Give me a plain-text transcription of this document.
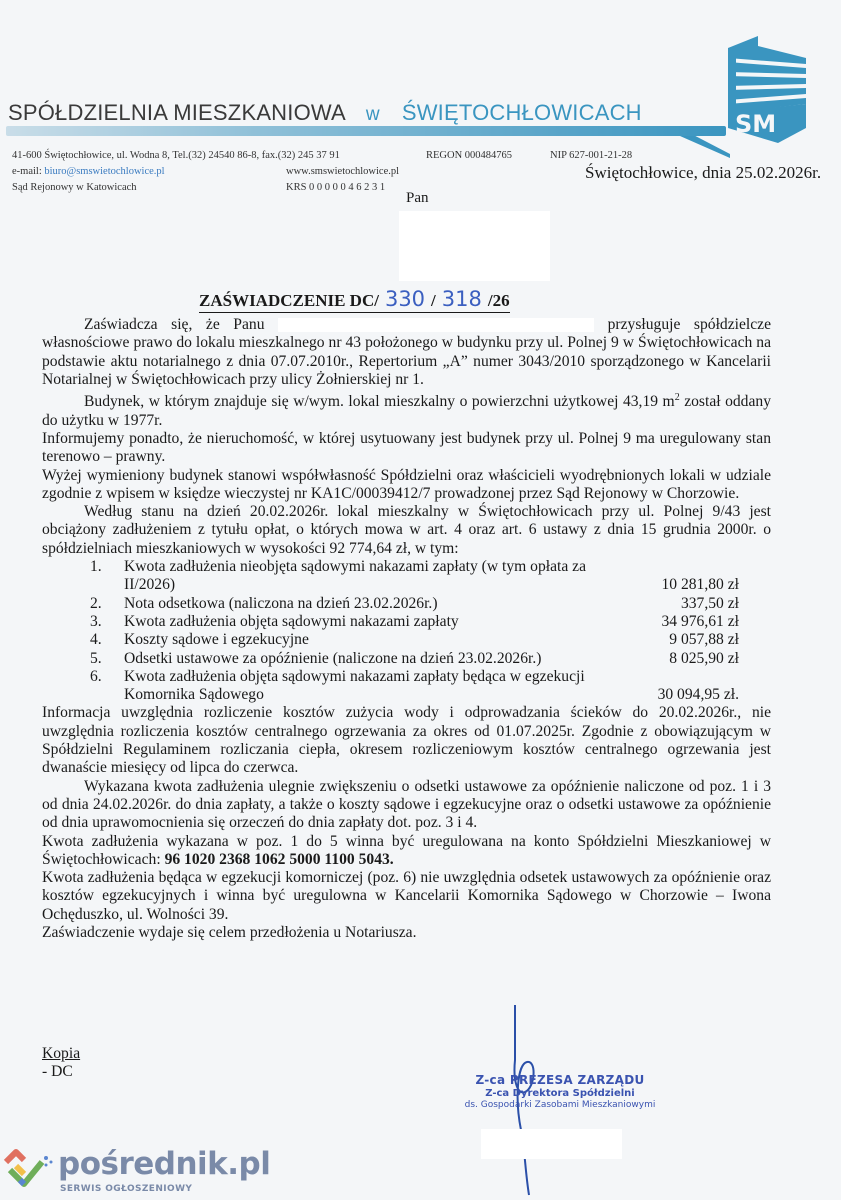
SM
SPÓŁDZIELNIA MIESZKANIOWA w ŚWIĘTOCHŁOWICACH
41-600 Świętochłowice, ul. Wodna 8, Tel.(32) 24540 86-8, fax.(32) 245 37 91
e-mail: biuro@smswietochlowice.pl
Sąd Rejonowy w Katowicach
www.smswietochlowice.pl
KRS 0 0 0 0 0 4 6 2 3 1
REGON 000484765	NIP 627-001-21-28
Świętochłowice, dnia 25.02.2026r.
Pan
ZAŚWIADCZENIE DC/ 330 / 318 /26

Zaświadcza się, że Panu	przysługuje spółdzielcze własnościowe prawo do lokalu mieszkalnego nr 43 położonego w budynku przy ul. Polnej 9 w Świętochłowicach na podstawie aktu notarialnego z dnia 07.07.2010r., Repertorium „A” numer 3043/2010 sporządzonego w Kancelarii Notarialnej w Świętochłowicach przy ulicy Żołnierskiej nr 1.

Budynek, w którym znajduje się w/wym. lokal mieszkalny o powierzchni użytkowej 43,19 $m^2$ został oddany do użytku w 1977r.

Informujemy ponadto, że nieruchomość, w której usytuowany jest budynek przy ul. Polnej 9 ma uregulowany stan terenowo – prawny.

Wyżej wymieniony budynek stanowi współwłasność Spółdzielni oraz właścicieli wyodrębnionych lokali w udziale zgodnie z wpisem w księdze wieczystej nr KA1C/00039412/7 prowadzonej przez Sąd Rejonowy w Chorzowie.

Według stanu na dzień 20.02.2026r. lokal mieszkalny w Świętochłowicach przy ul. Polnej 9/43 jest obciążony zadłużeniem z tytułu opłat, o których mowa w art. 4 oraz art. 6 ustawy z dnia 15 grudnia 2000r. o spółdzielniach mieszkaniowych w wysokości 92 774,64 zł, w tym:

1. Kwota zadłużenia nieobjęta sądowymi nakazami zapłaty (w tym opłata za II/2026)	10 281,80 zł
2. Nota odsetkowa (naliczona na dzień 23.02.2026r.)	337,50 zł
3. Kwota zadłużenia objęta sądowymi nakazami zapłaty	34 976,61 zł
4. Koszty sądowe i egzekucyjne	9 057,88 zł
5. Odsetki ustawowe za opóźnienie (naliczone na dzień 23.02.2026r.)	8 025,90 zł
6. Kwota zadłużenia objęta sądowymi nakazami zapłaty będąca w egzekucji Komornika Sądowego	30 094,95 zł.

Informacja uwzględnia rozliczenie kosztów zużycia wody i odprowadzania ścieków do 20.02.2026r., nie uwzględnia rozliczenia kosztów centralnego ogrzewania za okres od 01.07.2025r. Zgodnie z obowiązującym w Spółdzielni Regulaminem rozliczania ciepła, okresem rozliczeniowym kosztów centralnego ogrzewania jest dwanaście miesięcy od lipca do czerwca.

Wykazana kwota zadłużenia ulegnie zwiększeniu o odsetki ustawowe za opóźnienie naliczone od poz. 1 i 3 od dnia 24.02.2026r. do dnia zapłaty, a także o koszty sądowe i egzekucyjne oraz o odsetki ustawowe za opóźnienie od dnia uprawomocnienia się orzeczeń do dnia zapłaty dot. poz. 3 i 4.

Kwota zadłużenia wykazana w poz. 1 do 5 winna być uregulowana na konto Spółdzielni Mieszkaniowej w Świętochłowicach: 96 1020 2368 1062 5000 1100 5043.

Kwota zadłużenia będąca w egzekucji komorniczej (poz. 6) nie uwzględnia odsetek ustawowych za opóźnienie oraz kosztów egzekucyjnych i winna być uregulowna w Kancelarii Komornika Sądowego w Chorzowie – Iwona Ochęduszko, ul. Wolności 39.

Zaświadczenie wydaje się celem przedłożenia u Notariusza.

Kopia
- DC	Z-ca PREZESA ZARZĄDU
Z-ca Dyrektora Spółdzielni
ds. Gospodarki Zasobami Mieszkaniowymi
pośrednik.pl
SERWIS OGŁOSZENIOWY
